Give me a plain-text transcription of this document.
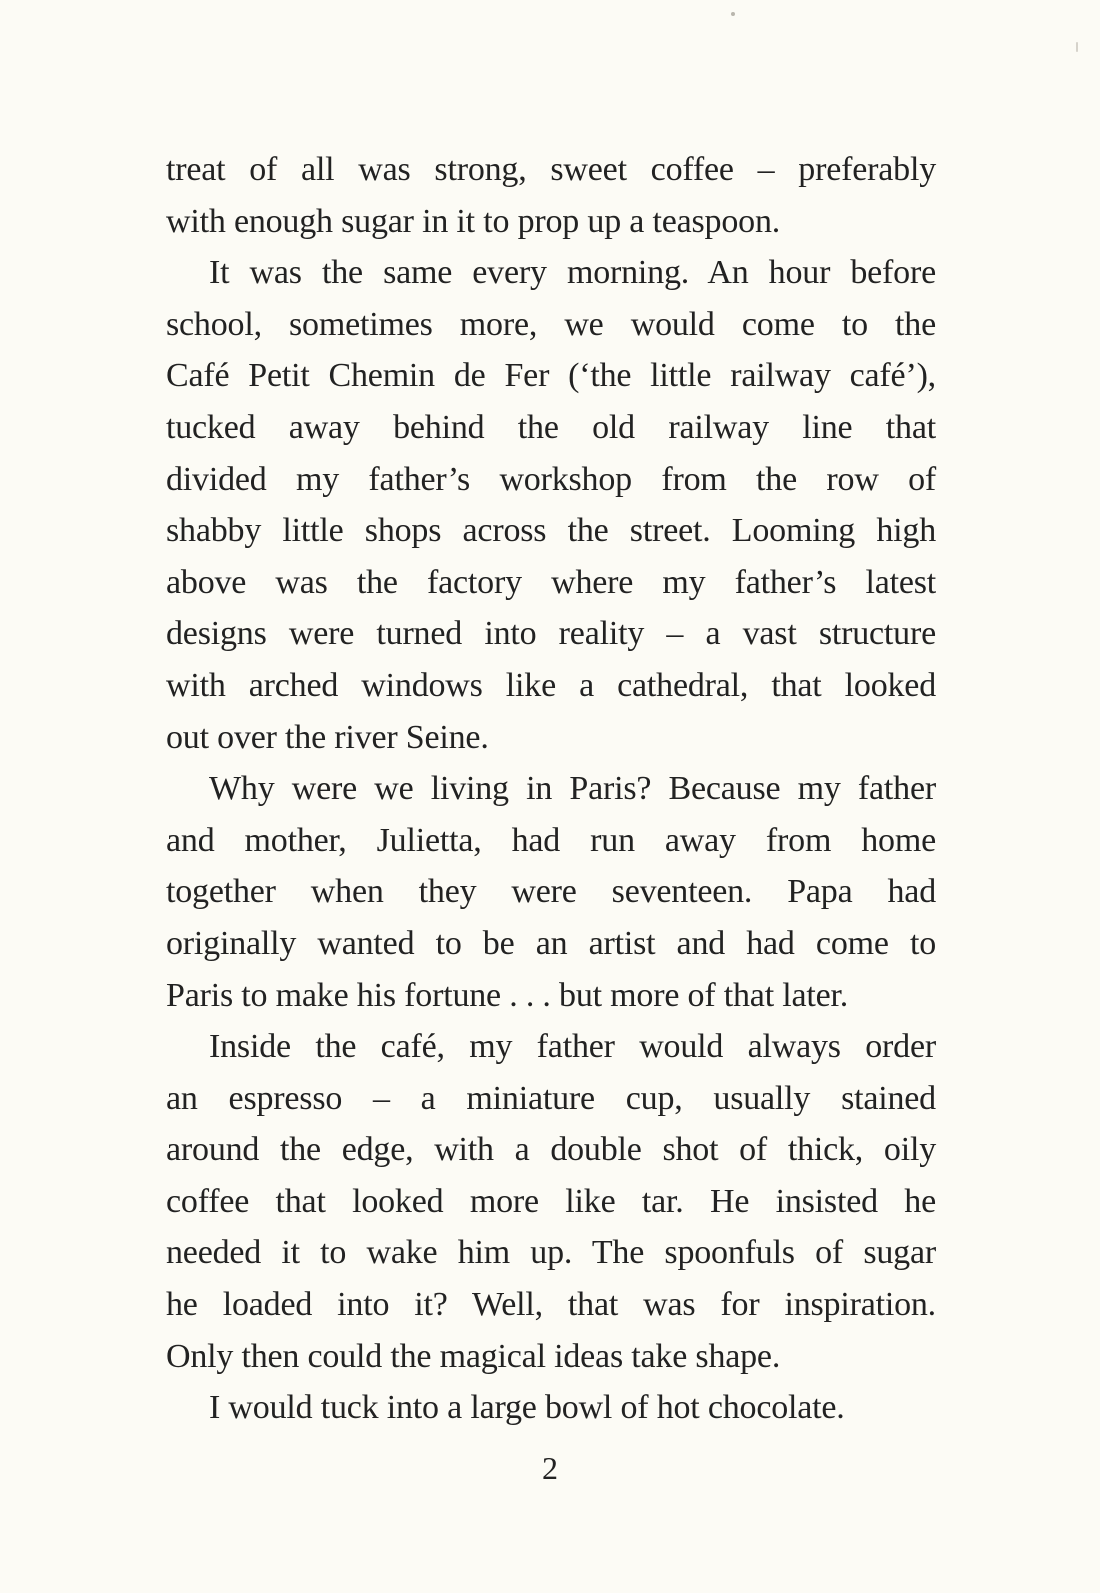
treat of all was strong, sweet coffee – preferably
with enough sugar in it to prop up a teaspoon.
It was the same every morning. An hour before
school, sometimes more, we would come to the
Café Petit Chemin de Fer (‘the little railway café’),
tucked away behind the old railway line that
divided my father’s workshop from the row of
shabby little shops across the street. Looming high
above was the factory where my father’s latest
designs were turned into reality – a vast structure
with arched windows like a cathedral, that looked
out over the river Seine.
Why were we living in Paris? Because my father
and mother, Julietta, had run away from home
together when they were seventeen. Papa had
originally wanted to be an artist and had come to
Paris to make his fortune . . . but more of that later.
Inside the café, my father would always order
an espresso – a miniature cup, usually stained
around the edge, with a double shot of thick, oily
coffee that looked more like tar. He insisted he
needed it to wake him up. The spoonfuls of sugar
he loaded into it? Well, that was for inspiration.
Only then could the magical ideas take shape.
I would tuck into a large bowl of hot chocolate.
2
